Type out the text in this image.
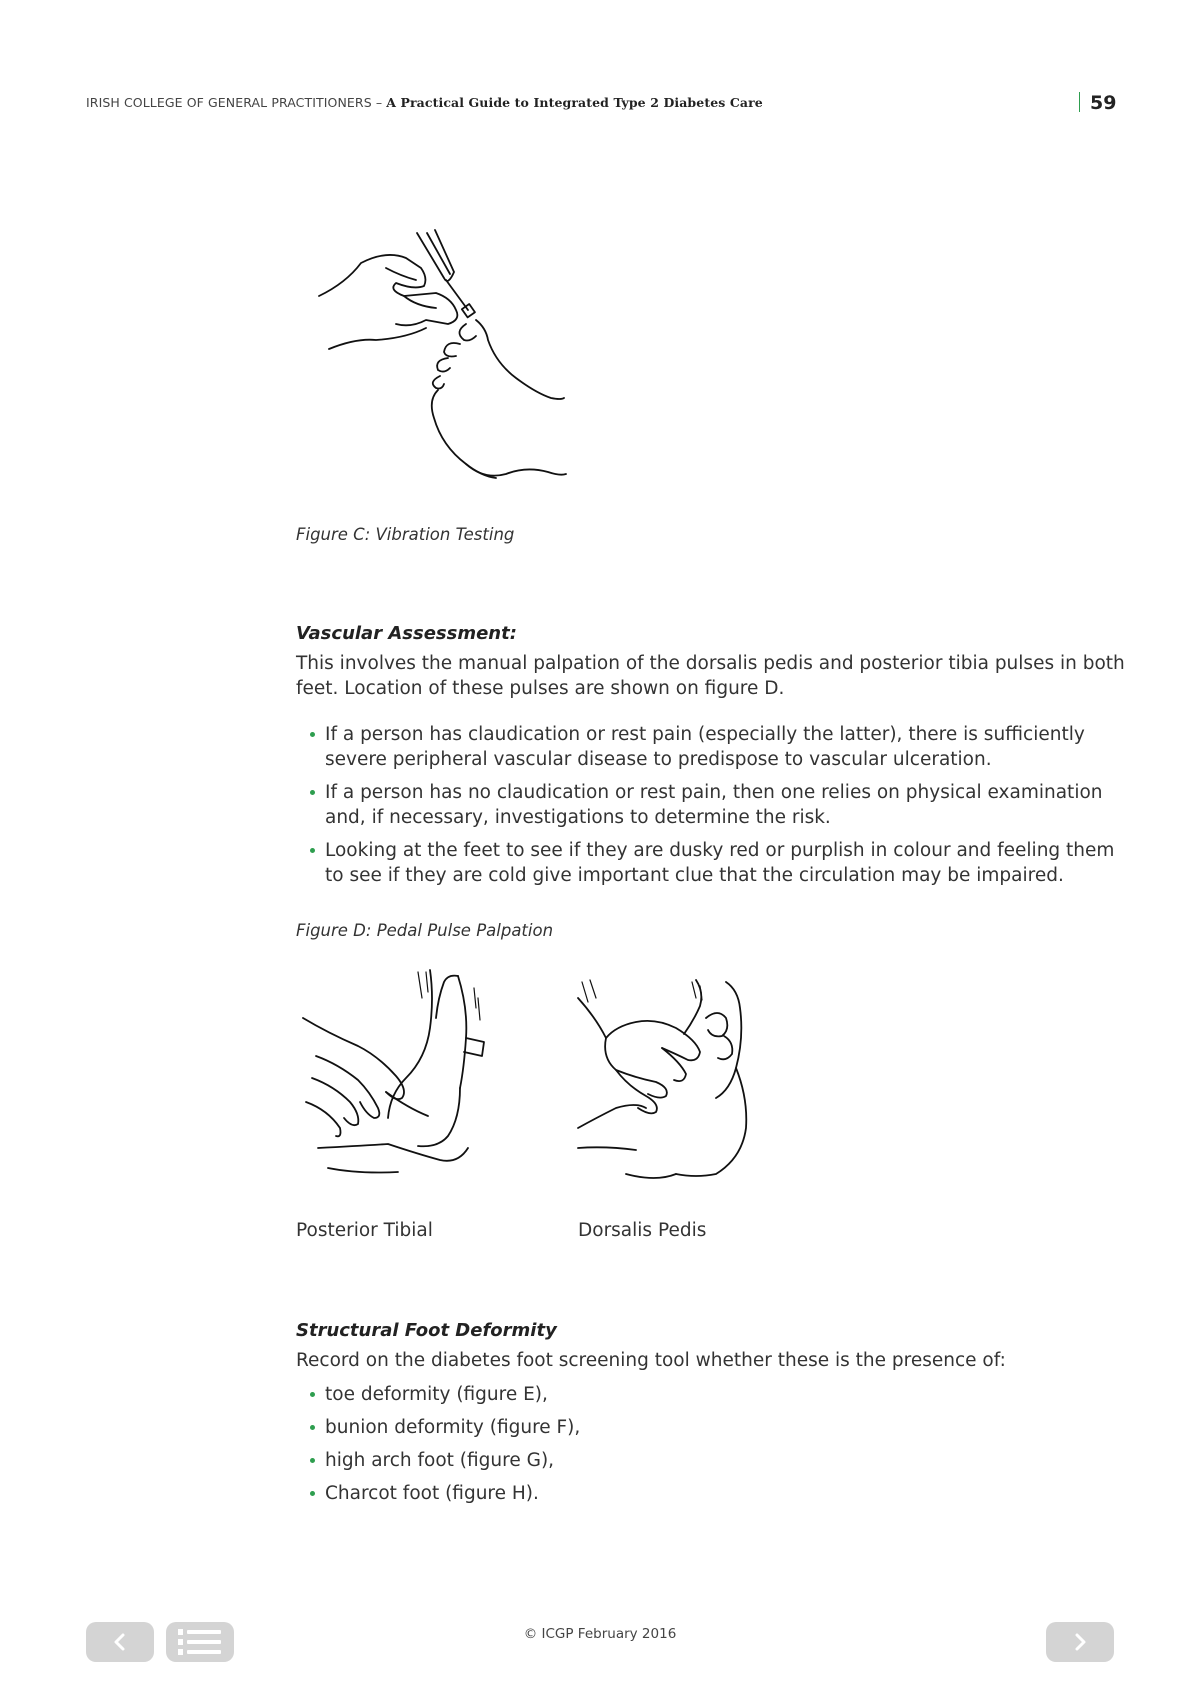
IRISH COLLEGE OF GENERAL PRACTITIONERS – A Practical Guide to Integrated Type 2 Diabetes Care	59
Figure C: Vibration Testing
Vascular Assessment:

This involves the manual palpation of the dorsalis pedis and posterior tibia pulses in both feet. Location of these pulses are shown on figure D.

If a person has claudication or rest pain (especially the latter), there is sufficiently severe peripheral vascular disease to predispose to vascular ulceration.
If a person has no claudication or rest pain, then one relies on physical examination and, if necessary, investigations to determine the risk.
Looking at the feet to see if they are dusky red or purplish in colour and feeling them to see if they are cold give important clue that the circulation may be impaired.
Figure D: Pedal Pulse Palpation
Posterior Tibial	Dorsalis Pedis
Structural Foot Deformity

Record on the diabetes foot screening tool whether these is the presence of:

toe deformity (figure E),
bunion deformity (figure F),
high arch foot (figure G),
Charcot foot (figure H).
© ICGP February 2016
